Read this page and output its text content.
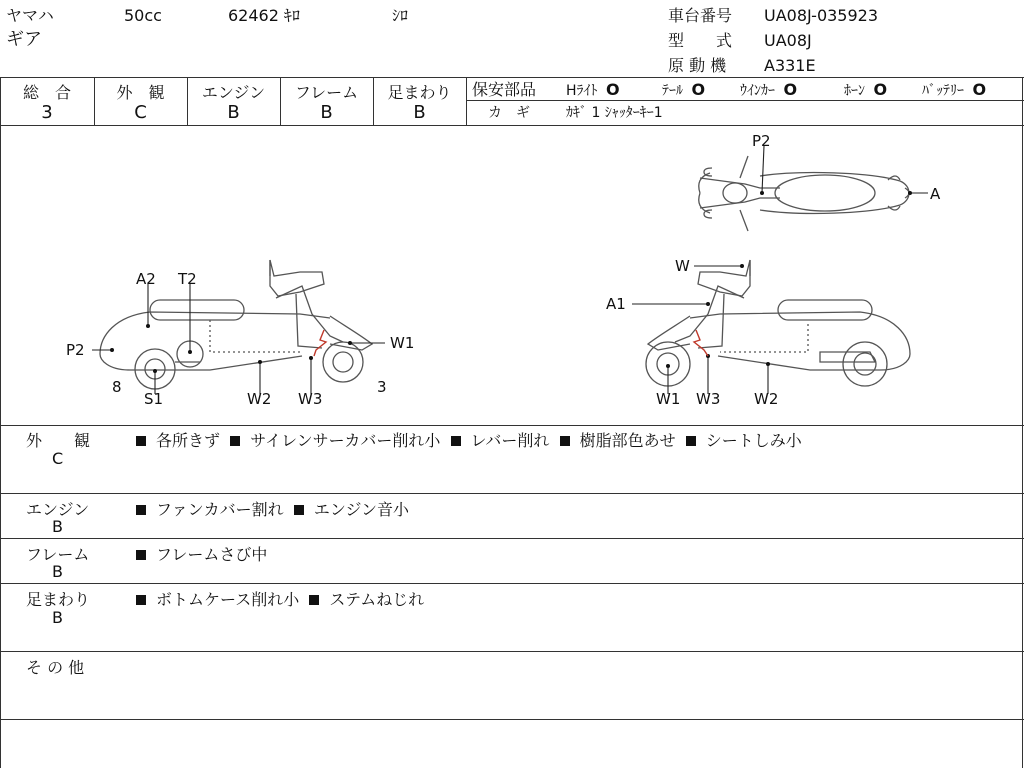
ヤマハ	50cc	62462 ｷﾛ	ｼﾛ
ギア
車台番号 UA08J-035923
型　　式 UA08J
原 動 機 A331E
総　合	外　観	エンジン	フレーム	足まわり
3	C	B	B	B
保安部品 Hﾗｲﾄ O	ﾃｰﾙ O ｳｲﾝｶｰ O	ﾎｰﾝ O ﾊﾞｯﾃﾘｰ O
カ　ギ	ｶｷﾞ 1 ｼｬｯﾀｰｷｰ1
P2
A
A2 T2
P2	W1
8
S1	W2 W3
3
W
A1
W1 W3 W2
外　　観
C
各所きず サイレンサーカバー削れ小 レバー削れ 樹脂部色あせ シートしみ小
エンジン
B
ファンカバー割れ エンジン音小
フレーム
B
フレームさび中
足まわり
B
ボトムケース削れ小 ステムねじれ
そ の 他
